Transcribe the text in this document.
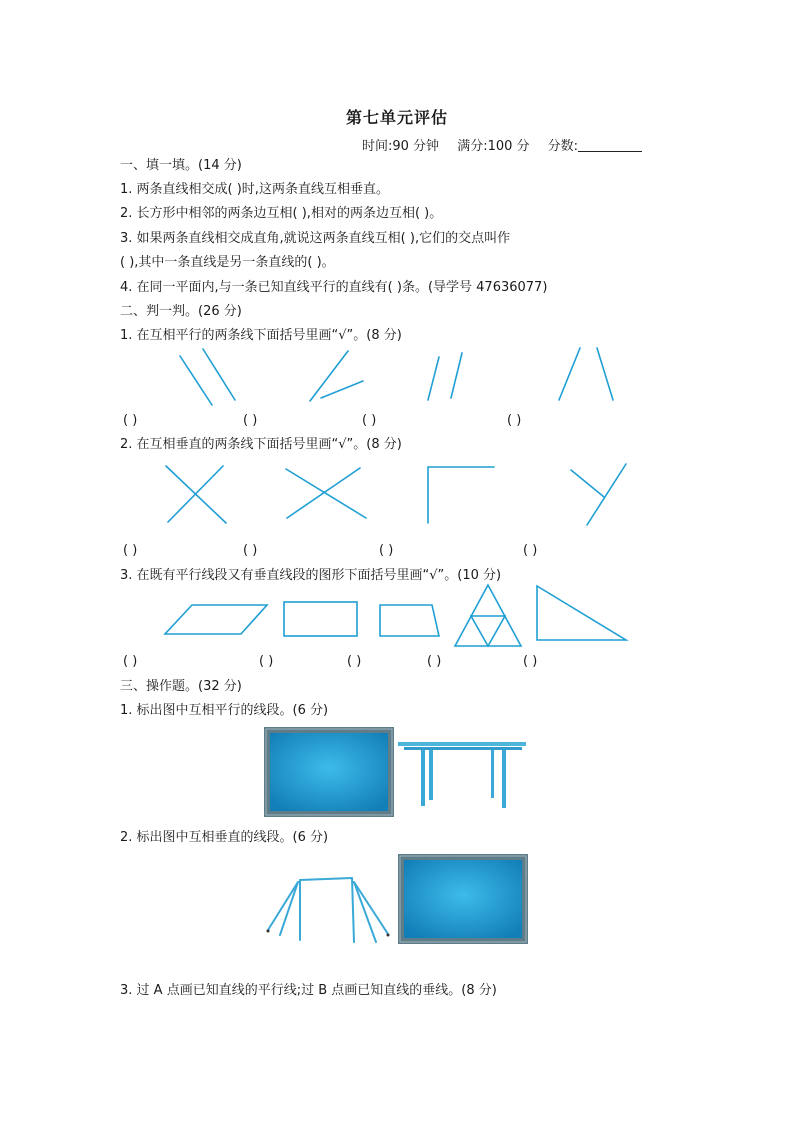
第七单元评估
时间:90 分钟 满分:100 分 分数:
一、填一填。(14 分)
1. 两条直线相交成( )时,这两条直线互相垂直。
2. 长方形中相邻的两条边互相( ),相对的两条边互相( )。
3. 如果两条直线相交成直角,就说这两条直线互相( ),它们的交点叫作
( ),其中一条直线是另一条直线的( )。
4. 在同一平面内,与一条已知直线平行的直线有( )条。(导学号 47636077)
二、判一判。(26 分)
1. 在互相平行的两条线下面括号里画“√”。(8 分)
( )	( )	( )	( )
2. 在互相垂直的两条线下面括号里画“√”。(8 分)
( )	( )	( )	( )
3. 在既有平行线段又有垂直线段的图形下面括号里画“√”。(10 分)
( )	( )	( )	( )	( )
三、操作题。(32 分)
1. 标出图中互相平行的线段。(6 分)
2. 标出图中互相垂直的线段。(6 分)
3. 过 A 点画已知直线的平行线;过 B 点画已知直线的垂线。(8 分)
